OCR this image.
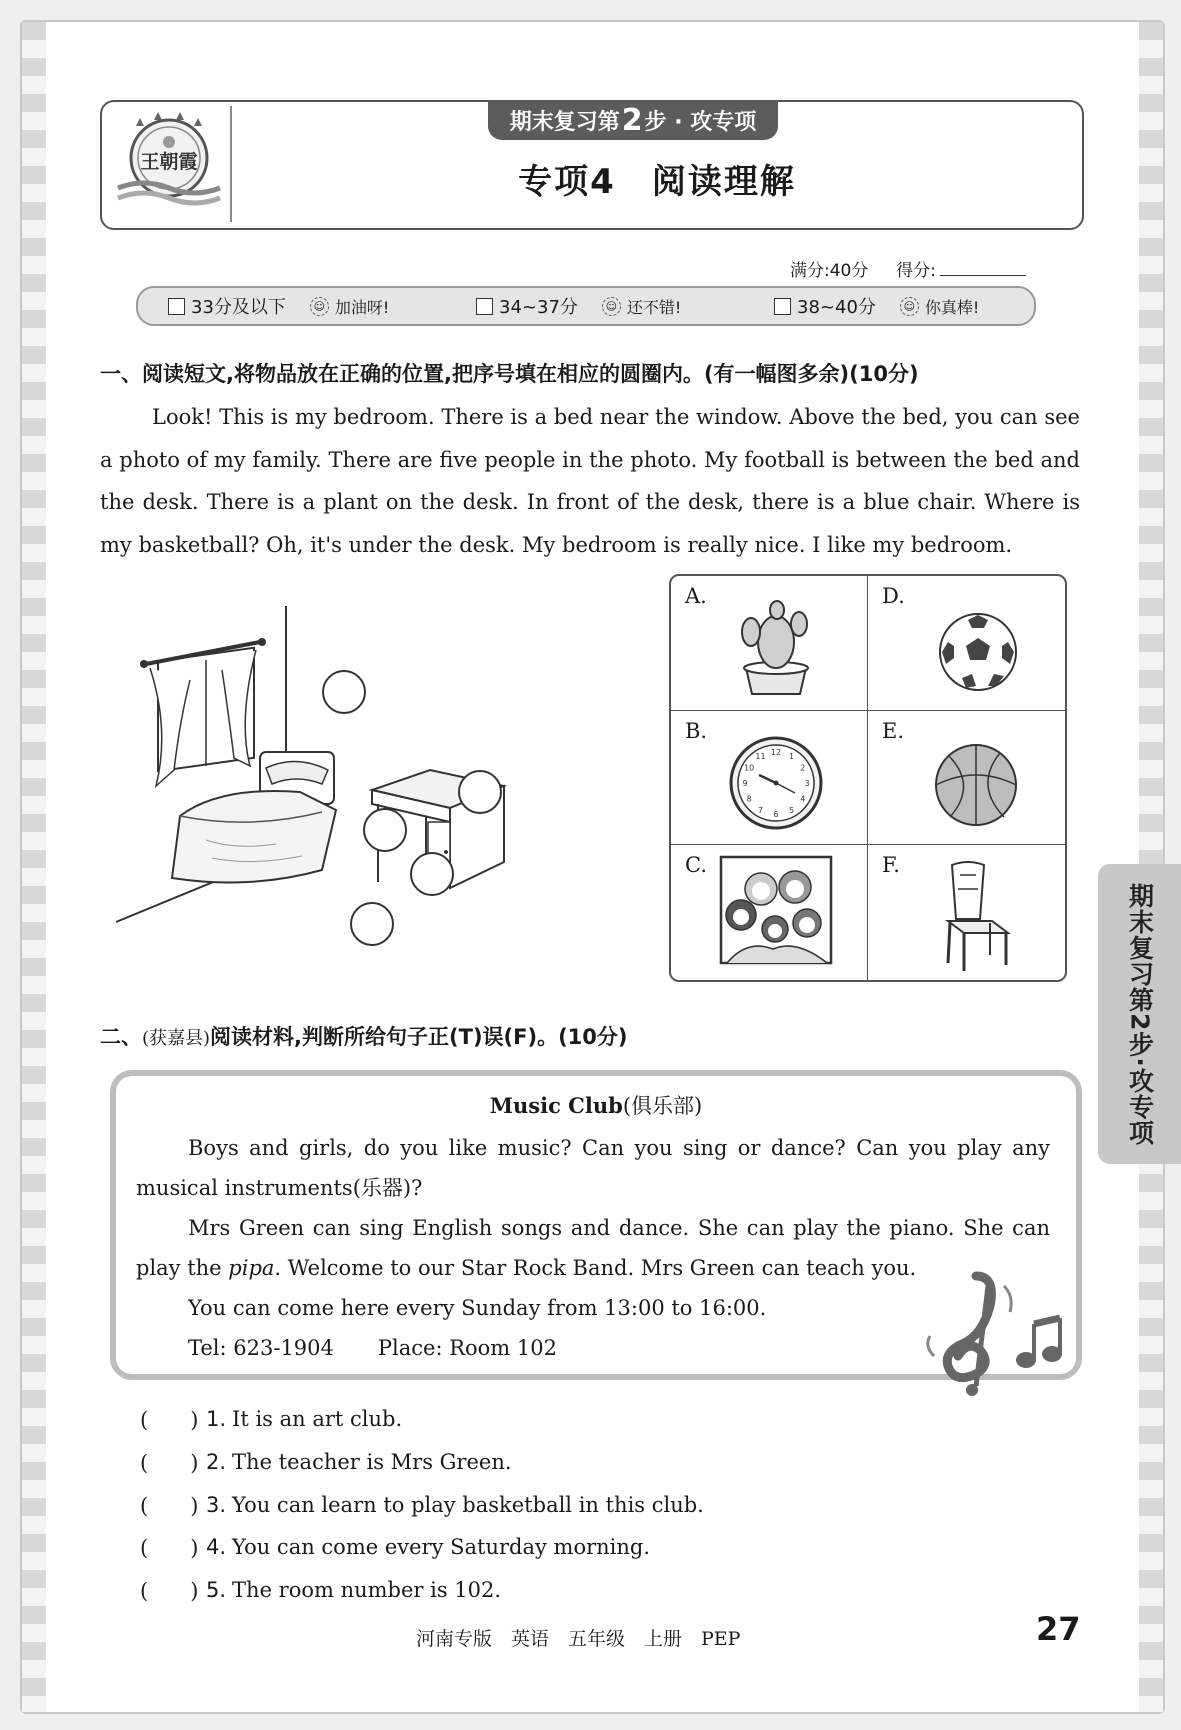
王朝霞
期末复习第 2 步 · 攻专项
专项4　阅读理解
满分:40分 　 得分:
33分及以下	☺ 加油呀!	34~37分	☺ 还不错!	38~40分	☺ 你真棒!
一、阅读短文,将物品放在正确的位置,把序号填在相应的圆圈内。(有一幅图多余)(10分)

Look! This is my bedroom. There is a bed near the window. Above the bed, you can see a photo of my family. There are five people in the photo. My football is between the bed and the desk. There is a plant on the desk. In front of the desk, there is a blue chair. Where is my basketball? Oh, it's under the desk. My bedroom is really nice. I like my bedroom.

A.	D.
B.
12 1
2
3
4
5
6
7
8
9
10
11
E.
C.	F.
二、(获嘉县)阅读材料,判断所给句子正(T)误(F)。(10分)
Music Club(俱乐部)

Boys and girls, do you like music? Can you sing or dance? Can you play any musical instruments(乐器)?

Mrs Green can sing English songs and dance. She can play the piano. She can play the pipa. Welcome to our Star Rock Band. Mrs Green can teach you.

You can come here every Sunday from 13:00 to 16:00.

Tel: 623-1904 Place: Room 102

(　　) 1. It is an art club.
(　　) 2. The teacher is Mrs Green.
(　　) 3. You can learn to play basketball in this club.
(　　) 4. You can come every Saturday morning.
(　　) 5. The room number is 102.
期末复习第2步·攻专项
河南专版　英语　五年级　上册　PEP	27
